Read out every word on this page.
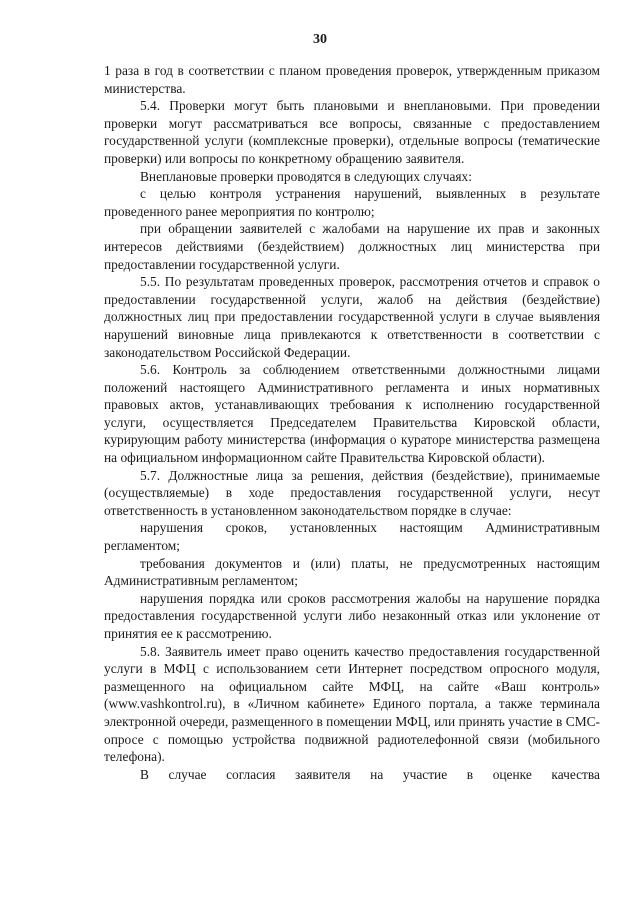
30

1 раза в год в соответствии с планом проведения проверок, утвержденным приказом министерства.

5.4. Проверки могут быть плановыми и внеплановыми. При проведении проверки могут рассматриваться все вопросы, связанные с предоставлением государственной услуги (комплексные проверки), отдельные вопросы (тематические проверки) или вопросы по конкретному обращению заявителя.

Внеплановые проверки проводятся в следующих случаях:

с целью контроля устранения нарушений, выявленных в результате проведенного ранее мероприятия по контролю;

при обращении заявителей с жалобами на нарушение их прав и законных интересов действиями (бездействием) должностных лиц министерства при предоставлении государственной услуги.

5.5. По результатам проведенных проверок, рассмотрения отчетов и справок о предоставлении государственной услуги, жалоб на действия (бездействие) должностных лиц при предоставлении государственной услуги в случае выявления нарушений виновные лица привлекаются к ответственности в соответствии с законодательством Российской Федерации.

5.6. Контроль за соблюдением ответственными должностными лицами положений настоящего Административного регламента и иных нормативных правовых актов, устанавливающих требования к исполнению государственной услуги, осуществляется Председателем Правительства Кировской области, курирующим работу министерства (информация о кураторе министерства размещена на официальном информационном сайте Правительства Кировской области).

5.7. Должностные лица за решения, действия (бездействие), принимаемые (осуществляемые) в ходе предоставления государственной услуги, несут ответственность в установленном законодательством порядке в случае:

нарушения сроков, установленных настоящим Административным регламентом;

требования документов и (или) платы, не предусмотренных настоящим Административным регламентом;

нарушения порядка или сроков рассмотрения жалобы на нарушение порядка предоставления государственной услуги либо незаконный отказ или уклонение от принятия ее к рассмотрению.

5.8. Заявитель имеет право оценить качество предоставления государственной услуги в МФЦ с использованием сети Интернет посредством опросного модуля, размещенного на официальном сайте МФЦ, на сайте «Ваш контроль» (www.vashkontrol.ru), в «Личном кабинете» Единого портала, а также терминала электронной очереди, размещенного в помещении МФЦ, или принять участие в СМС-опросе с помощью устройства подвижной радиотелефонной связи (мобильного телефона).

В случае согласия заявителя на участие в оценке качества
